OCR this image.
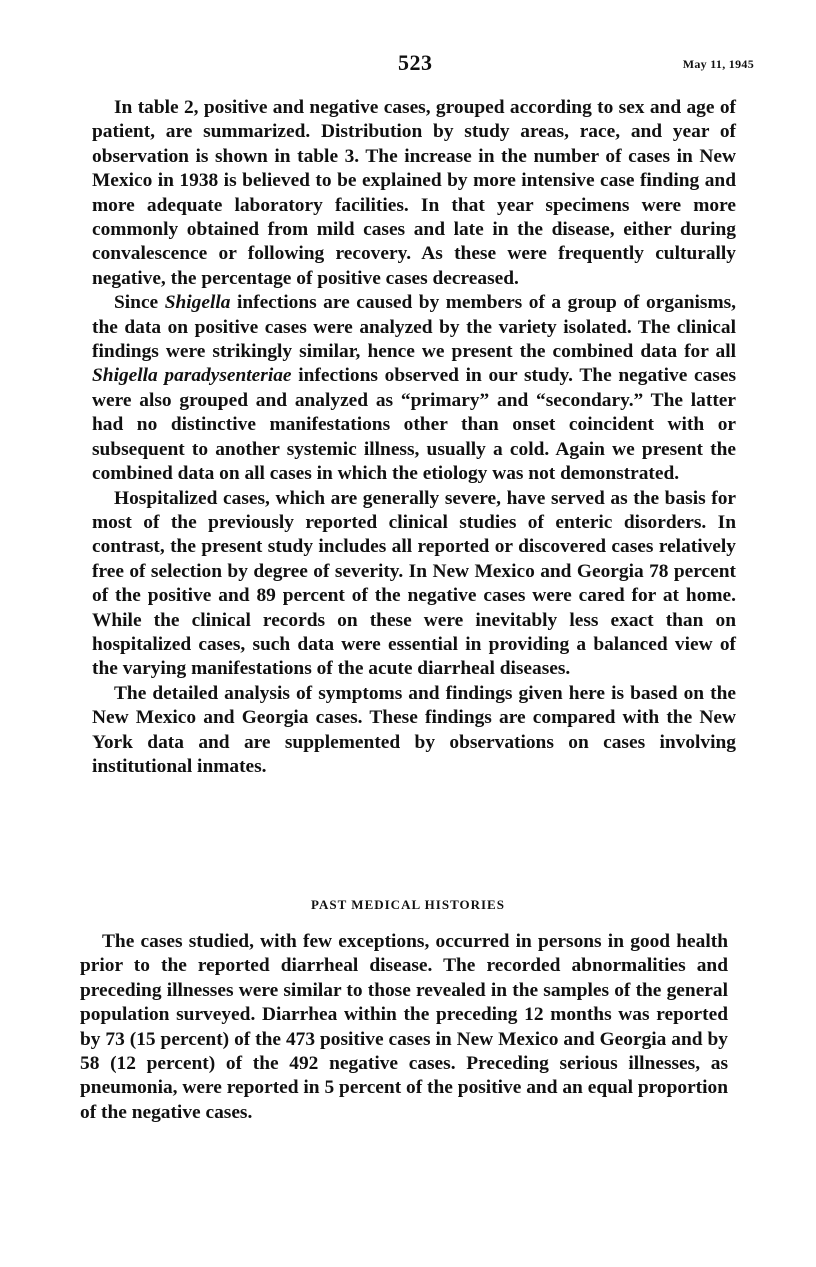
523	May 11, 1945

In table 2, positive and negative cases, grouped according to sex and age of patient, are summarized. Distribution by study areas, race, and year of observation is shown in table 3. The increase in the number of cases in New Mexico in 1938 is believed to be explained by more intensive case finding and more adequate laboratory facilities. In that year specimens were more commonly obtained from mild cases and late in the disease, either during convalescence or following recovery. As these were frequently culturally negative, the percentage of positive cases decreased.

Since Shigella infections are caused by members of a group of organisms, the data on positive cases were analyzed by the variety isolated. The clinical findings were strikingly similar, hence we present the combined data for all Shigella paradysenteriae infections observed in our study. The negative cases were also grouped and analyzed as “primary” and “secondary.” The latter had no distinctive manifestations other than onset coincident with or subsequent to another systemic illness, usually a cold. Again we present the combined data on all cases in which the etiology was not demonstrated.

Hospitalized cases, which are generally severe, have served as the basis for most of the previously reported clinical studies of enteric disorders. In contrast, the present study includes all reported or discovered cases relatively free of selection by degree of severity. In New Mexico and Georgia 78 percent of the positive and 89 percent of the negative cases were cared for at home. While the clinical records on these were inevitably less exact than on hospitalized cases, such data were essential in providing a balanced view of the varying manifestations of the acute diarrheal diseases.

The detailed analysis of symptoms and findings given here is based on the New Mexico and Georgia cases. These findings are compared with the New York data and are supplemented by observations on cases involving institutional inmates.

PAST MEDICAL HISTORIES

The cases studied, with few exceptions, occurred in persons in good health prior to the reported diarrheal disease. The recorded abnormalities and preceding illnesses were similar to those revealed in the samples of the general population surveyed. Diarrhea within the preceding 12 months was reported by 73 (15 percent) of the 473 positive cases in New Mexico and Georgia and by 58 (12 percent) of the 492 negative cases. Preceding serious illnesses, as pneumonia, were reported in 5 percent of the positive and an equal proportion of the negative cases.
